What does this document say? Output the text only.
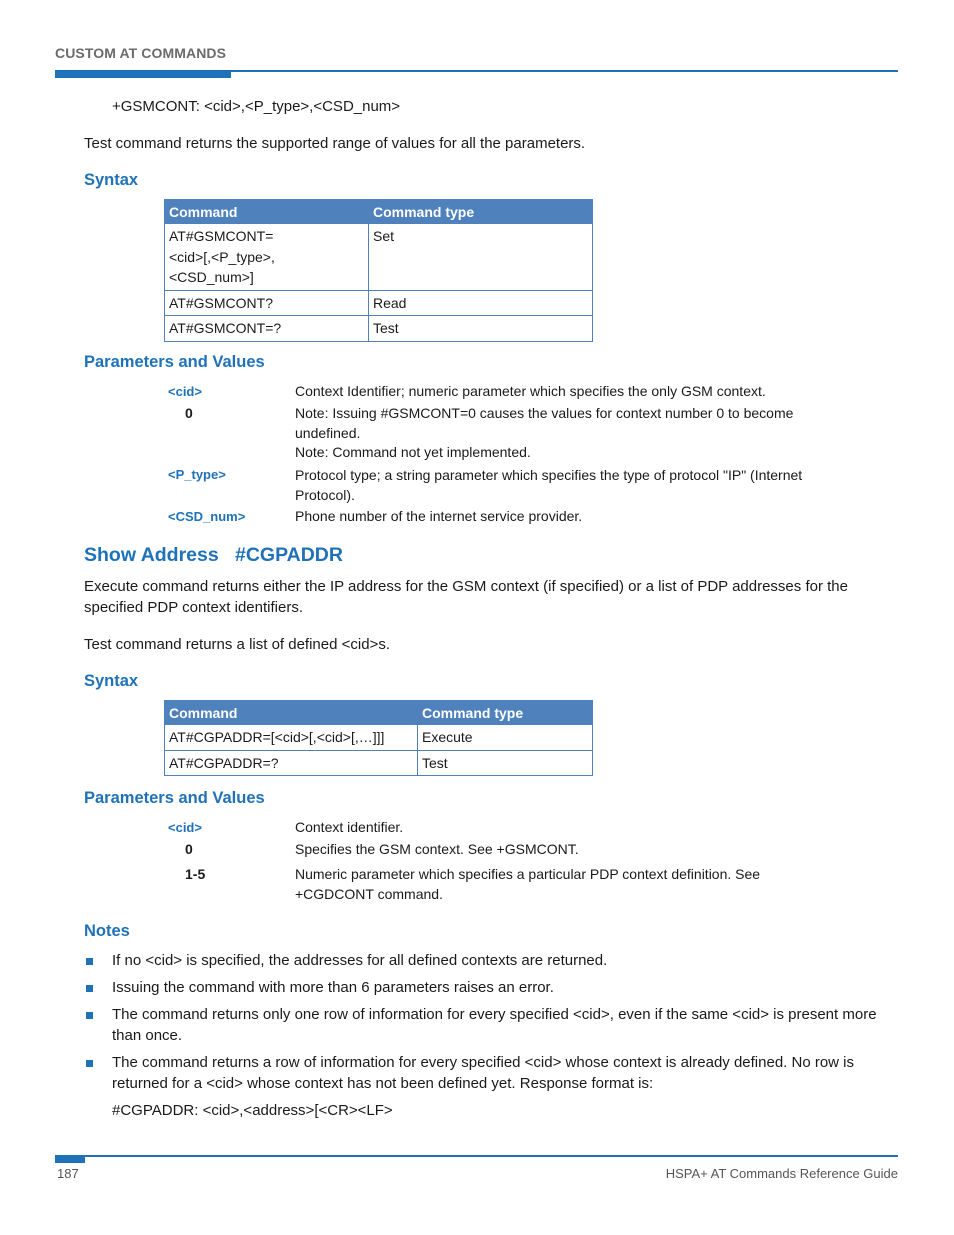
CUSTOM AT COMMANDS
+GSMCONT: <cid>,<P_type>,<CSD_num>
Test command returns the supported range of values for all the parameters.
Syntax
Command	Command type

AT#GSMCONT=
<cid>[,<P_type>,
<CSD_num>]	Set
AT#GSMCONT?	Read
AT#GSMCONT=?	Test
Parameters and Values
<cid>	Context Identifier; numeric parameter which specifies the only GSM context.
0	Note: Issuing #GSMCONT=0 causes the values for context number 0 to become undefined.
Note: Command not yet implemented.
<P_type>	Protocol type; a string parameter which specifies the type of protocol "IP" (Internet Protocol).
<CSD_num>	Phone number of the internet service provider.
Show Address   #CGPADDR
Execute command returns either the IP address for the GSM context (if specified) or a list of PDP addresses for the specified PDP context identifiers.
Test command returns a list of defined <cid>s.
Syntax
Command	Command type
AT#CGPADDR=[<cid>[,<cid>[,…]]]	Execute
AT#CGPADDR=?	Test
Parameters and Values
<cid>	Context identifier.
0	Specifies the GSM context. See +GSMCONT.
1-5	Numeric parameter which specifies a particular PDP context definition. See +CGDCONT command.
Notes
If no <cid> is specified, the addresses for all defined contexts are returned.
Issuing the command with more than 6 parameters raises an error.
The command returns only one row of information for every specified <cid>, even if the same <cid> is present more than once.
The command returns a row of information for every specified <cid> whose context is already defined. No row is returned for a <cid> whose context has not been defined yet. Response format is:
#CGPADDR: <cid>,<address>[<CR><LF>
187	HSPA+ AT Commands Reference Guide
